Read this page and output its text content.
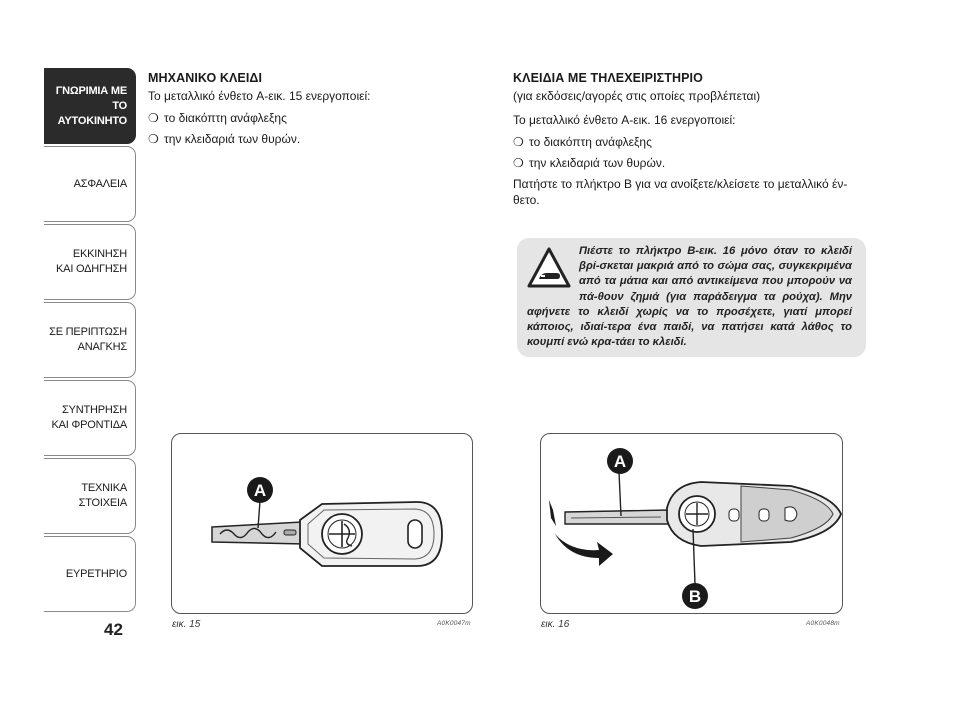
ΓΝΩΡΙΜΙΑ ΜΕ ΤΟ
ΑΥΤΟΚΙΝΗΤΟ
ΑΣΦΑΛΕΙΑ
ΕΚΚΙΝΗΣΗ
ΚΑΙ ΟΔΗΓΗΣΗ
ΣΕ ΠΕΡΙΠΤΩΣΗ
ΑΝΑΓΚΗΣ
ΣΥΝΤΗΡΗΣΗ
ΚΑΙ ΦΡΟΝΤΙΔΑ
ΤΕΧΝΙΚΑ
ΣΤΟΙΧΕΙΑ
ΕΥΡΕΤΗΡΙΟ
42
ΜΗΧΑΝΙΚΟ ΚΛΕΙΔΙ
Το μεταλλικό ένθετο A-εικ. 15 ενεργοποιεί:
❍ το διακόπτη ανάφλεξης
❍ την κλειδαριά των θυρών.
ΚΛΕΙΔΙΑ ΜΕ ΤΗΛΕΧΕΙΡΙΣΤΗΡΙΟ
(για εκδόσεις/αγορές στις οποίες προβλέπεται)
Το μεταλλικό ένθετο A-εικ. 16 ενεργοποιεί:
❍ το διακόπτη ανάφλεξης
❍ την κλειδαριά των θυρών.
Πατήστε το πλήκτρο B για να ανοίξετε/κλείσετε το μεταλλικό έν-θετο.
Πιέστε το πλήκτρο B-εικ. 16 μόνο όταν το κλειδί βρί-σκεται μακριά από το σώμα σας, συγκεκριμένα από τα μάτια και από αντικείμενα που μπορούν να πά-θουν ζημιά (για παράδειγμα τα ρούχα). Μην αφήνετε το κλειδί χωρίς να το προσέχετε, γιατί μπορεί κάποιος, ιδιαί-τερα ένα παιδί, να πατήσει κατά λάθος το κουμπί ενώ κρα-τάει το κλειδί.
A
εικ. 15	A0K0047m
A
B
εικ. 16	A0K0048m
